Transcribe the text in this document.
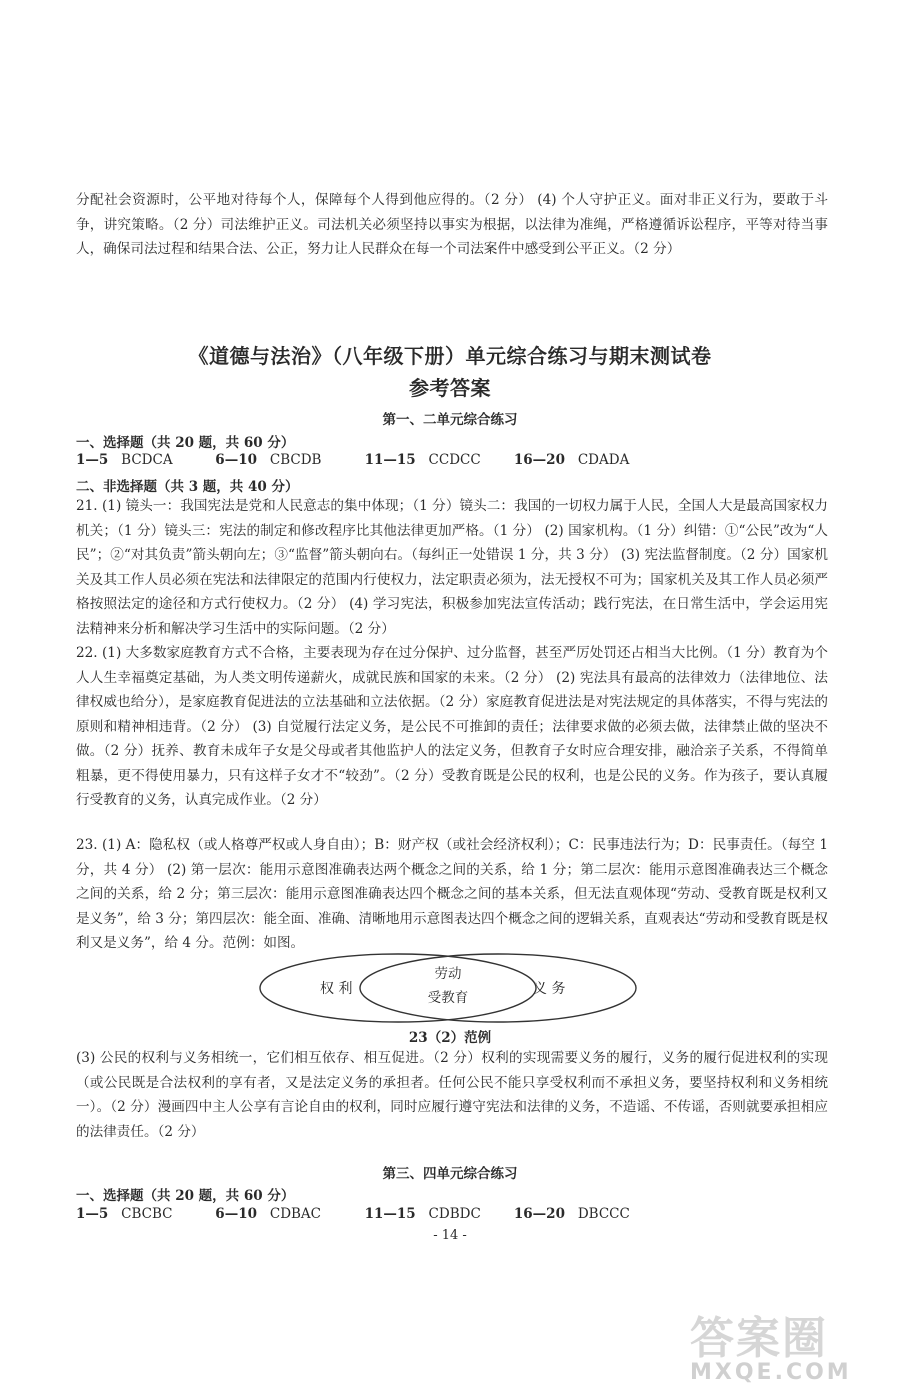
分配社会资源时，公平地对待每个人，保障每个人得到他应得的。（2 分） (4) 个人守护正义。面对非正义行为，要敢于斗争，讲究策略。（2 分）司法维护正义。司法机关必须坚持以事实为根据，以法律为准绳，严格遵循诉讼程序，平等对待当事人，确保司法过程和结果合法、公正，努力让人民群众在每一个司法案件中感受到公平正义。（2 分）

《道德与法治》（八年级下册）单元综合练习与期末测试卷
参考答案
第一、二单元综合练习
一、选择题（共 20 题，共 60 分）
1—5 BCDCA	6—10 CBCDB	11—15 CCDCC 16—20 CDADA
二、非选择题（共 3 题，共 40 分）

21. (1) 镜头一：我国宪法是党和人民意志的集中体现；（1 分）镜头二：我国的一切权力属于人民，全国人大是最高国家权力机关；（1 分）镜头三：宪法的制定和修改程序比其他法律更加严格。（1 分） (2) 国家机构。（1 分）纠错：①“公民”改为“人民”；②“对其负责”箭头朝向左；③“监督”箭头朝向右。（每纠正一处错误 1 分，共 3 分） (3) 宪法监督制度。（2 分）国家机关及其工作人员必须在宪法和法律限定的范围内行使权力，法定职责必须为，法无授权不可为；国家机关及其工作人员必须严格按照法定的途径和方式行使权力。（2 分） (4) 学习宪法，积极参加宪法宣传活动；践行宪法，在日常生活中，学会运用宪法精神来分析和解决学习生活中的实际问题。（2 分）

22. (1) 大多数家庭教育方式不合格，主要表现为存在过分保护、过分监督，甚至严厉处罚还占相当大比例。（1 分）教育为个人人生幸福奠定基础，为人类文明传递薪火，成就民族和国家的未来。（2 分） (2) 宪法具有最高的法律效力（法律地位、法律权威也给分），是家庭教育促进法的立法基础和立法依据。（2 分）家庭教育促进法是对宪法规定的具体落实，不得与宪法的原则和精神相违背。（2 分） (3) 自觉履行法定义务，是公民不可推卸的责任；法律要求做的必须去做，法律禁止做的坚决不做。（2 分）抚养、教育未成年子女是父母或者其他监护人的法定义务，但教育子女时应合理安排，融洽亲子关系，不得简单粗暴，更不得使用暴力，只有这样子女才不“较劲”。（2 分）受教育既是公民的权利，也是公民的义务。作为孩子，要认真履行受教育的义务，认真完成作业。（2 分）

23. (1) A：隐私权（或人格尊严权或人身自由）；B：财产权（或社会经济权利）；C：民事违法行为；D：民事责任。（每空 1 分，共 4 分） (2) 第一层次：能用示意图准确表达两个概念之间的关系，给 1 分；第二层次：能用示意图准确表达三个概念之间的关系，给 2 分；第三层次：能用示意图准确表达四个概念之间的基本关系，但无法直观体现“劳动、受教育既是权利又是义务”，给 3 分；第四层次：能全面、准确、清晰地用示意图表达四个概念之间的逻辑关系，直观表达“劳动和受教育既是权利又是义务”，给 4 分。范例：如图。

权 利
劳动
受教育
义 务
23（2）范例

(3) 公民的权利与义务相统一，它们相互依存、相互促进。（2 分）权利的实现需要义务的履行，义务的履行促进权利的实现（或公民既是合法权利的享有者，又是法定义务的承担者。任何公民不能只享受权利而不承担义务，要坚持权利和义务相统一）。（2 分）漫画四中主人公享有言论自由的权利，同时应履行遵守宪法和法律的义务，不造谣、不传谣，否则就要承担相应的法律责任。（2 分）

第三、四单元综合练习
一、选择题（共 20 题，共 60 分）
1—5 CBCBC	6—10 CDBAC	11—15 CDBDC 16—20 DBCCC
- 14 -
答案圈
MXQE.COM
